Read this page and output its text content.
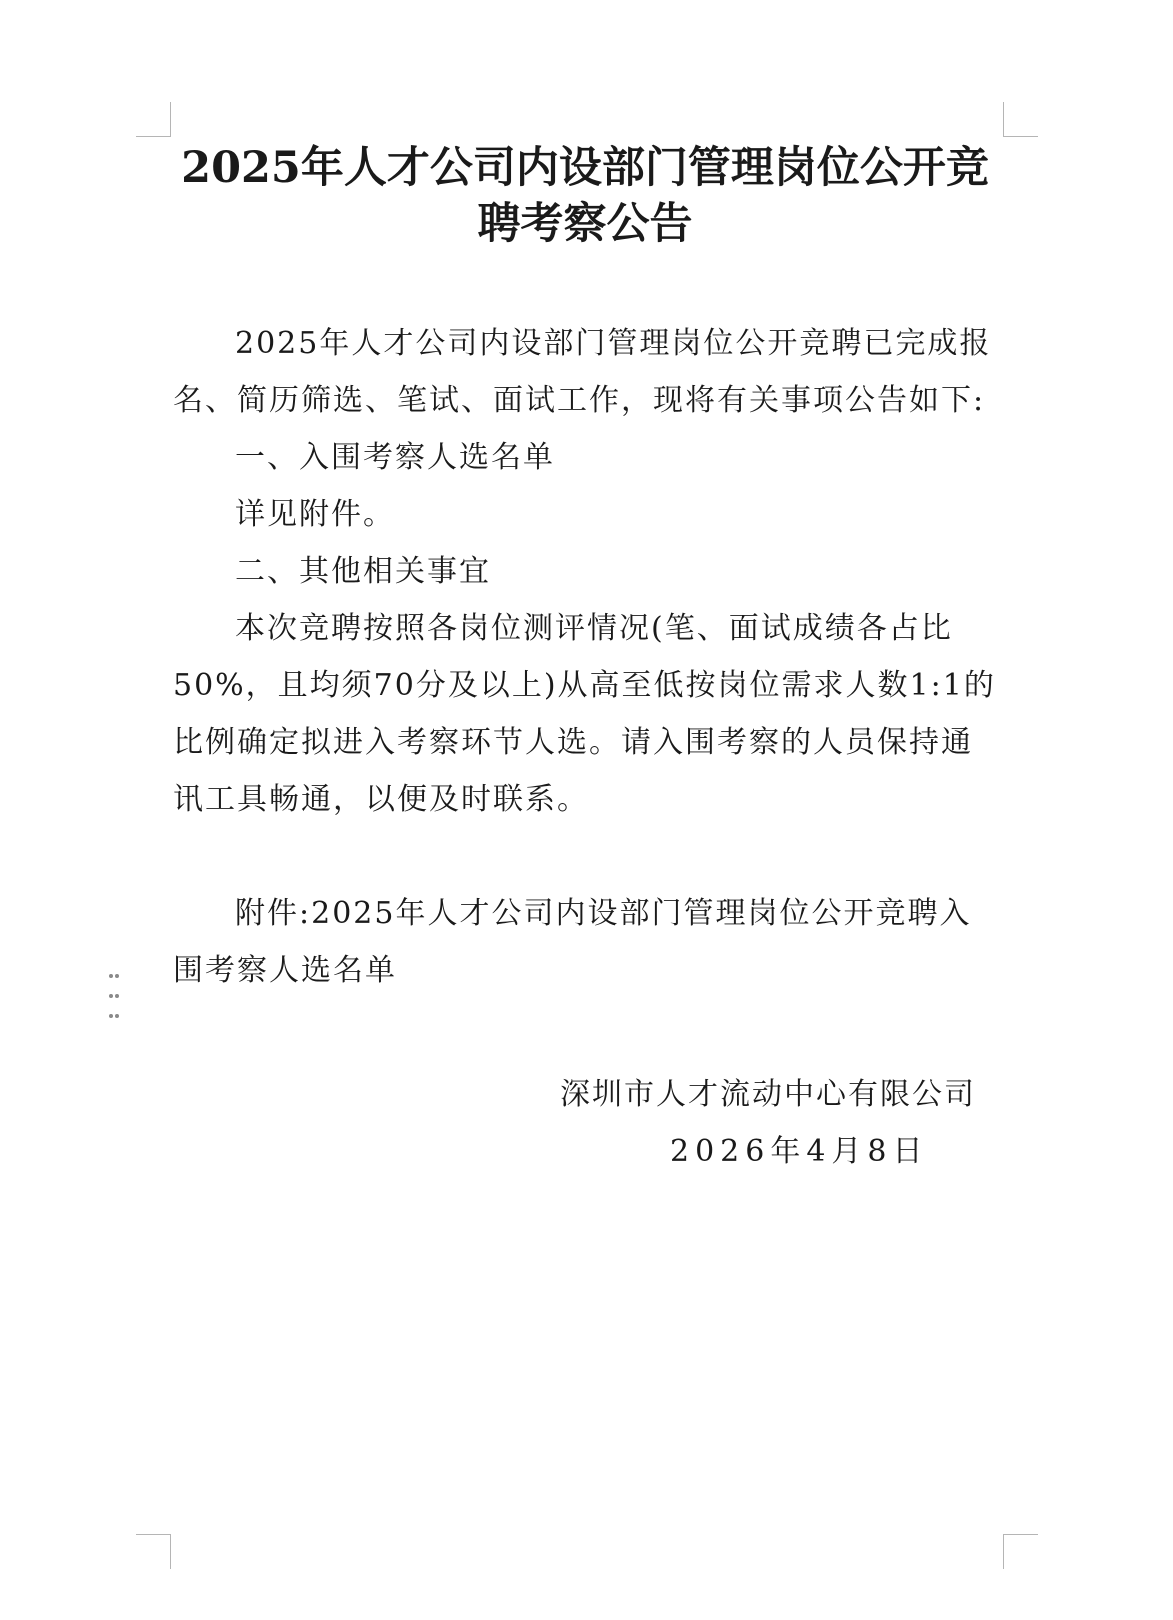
2025年人才公司内设部门管理岗位公开竞聘考察公告

2025年人才公司内设部门管理岗位公开竞聘已完成报名、简历筛选、笔试、面试工作，现将有关事项公告如下:

一、入围考察人选名单

详见附件。

二、其他相关事宜

本次竞聘按照各岗位测评情况(笔、面试成绩各占比50%，且均须70分及以上)从高至低按岗位需求人数1:1的比例确定拟进入考察环节人选。请入围考察的人员保持通讯工具畅通，以便及时联系。

附件:2025年人才公司内设部门管理岗位公开竞聘入围考察人选名单

深圳市人才流动中心有限公司
2026年4月8日
